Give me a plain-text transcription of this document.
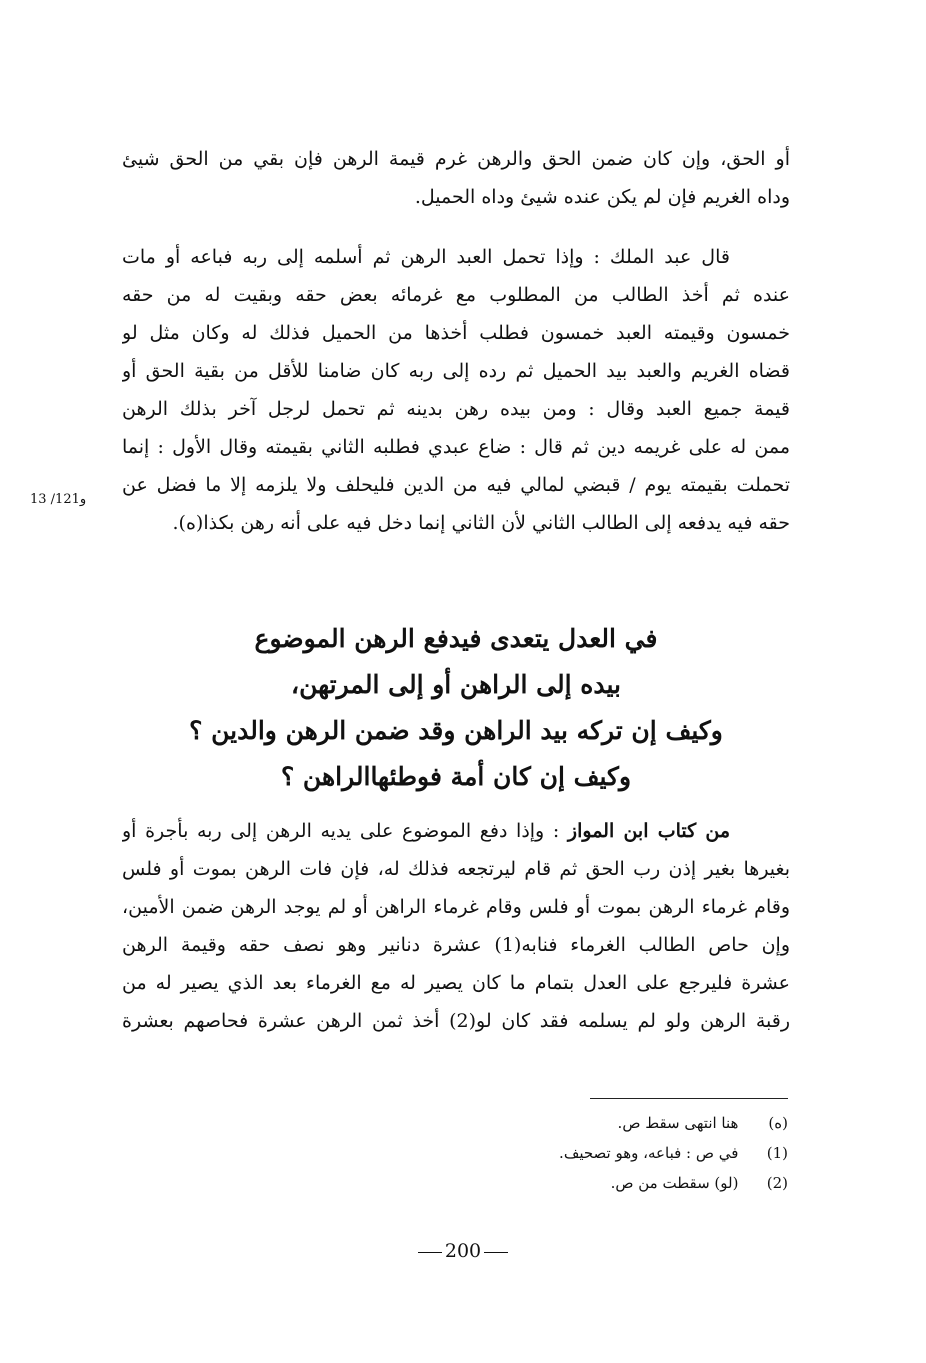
أو الحق، وإن كان ضمن الحق والرهن غرم قيمة الرهن فإن بقي من الحق شيئ
وداه الغريم فإن لم يكن عنده شيئ وداه الحميل.
قال عبد الملك : وإذا تحمل العبد الرهن ثم أسلمه إلى ربه فباعه أو مات
عنده ثم أخذ الطالب من المطلوب مع غرمائه بعض حقه وبقيت له من حقه
خمسون وقيمته العبد خمسون فطلب أخذها من الحميل فذلك له وكان مثل لو
قضاه الغريم والعبد بيد الحميل ثم رده إلى ربه كان ضامنا للأقل من بقية الحق أو
قيمة جميع العبد وقال : ومن بيده رهن بدينه ثم تحمل لرجل آخر بذلك الرهن
ممن له على غريمه دين ثم قال : ضاع عبدي فطلبه الثاني بقيمته وقال الأول : إنما
تحملت بقيمته يوم / قبضي لمالي فيه من الدين فليحلف ولا يلزمه إلا ما فضل عن
حقه فيه يدفعه إلى الطالب الثاني لأن الثاني إنما دخل فيه على أنه رهن بكذا(ه).
13 /121و
في العدل يتعدى فيدفع الرهن الموضوع
بيده إلى الراهن أو إلى المرتهن،
وكيف إن تركه بيد الراهن وقد ضمن الرهن والدين ؟
وكيف إن كان أمة فوطئهاالراهن ؟
من كتاب ابن المواز : وإذا دفع الموضوع على يديه الرهن إلى ربه بأجرة أو
بغيرها بغير إذن رب الحق ثم قام ليرتجعه فذلك له، فإن فات الرهن بموت أو فلس
وقام غرماء الرهن بموت أو فلس وقام غرماء الراهن أو لم يوجد الرهن ضمن الأمين،
وإن حاص الطالب الغرماء فنابه(1) عشرة دنانير وهو نصف حقه وقيمة الرهن
عشرة فليرجع على العدل بتمام ما كان يصير له مع الغرماء بعد الذي يصير له من
رقبة الرهن ولو لم يسلمه فقد كان لو(2) أخذ ثمن الرهن عشرة فحاصهم بعشرة
(ه)  هنا انتهى سقط ص.
(1)  في ص : فباعه، وهو تصحيف.
(2)  (لو) سقطت من ص.
200
